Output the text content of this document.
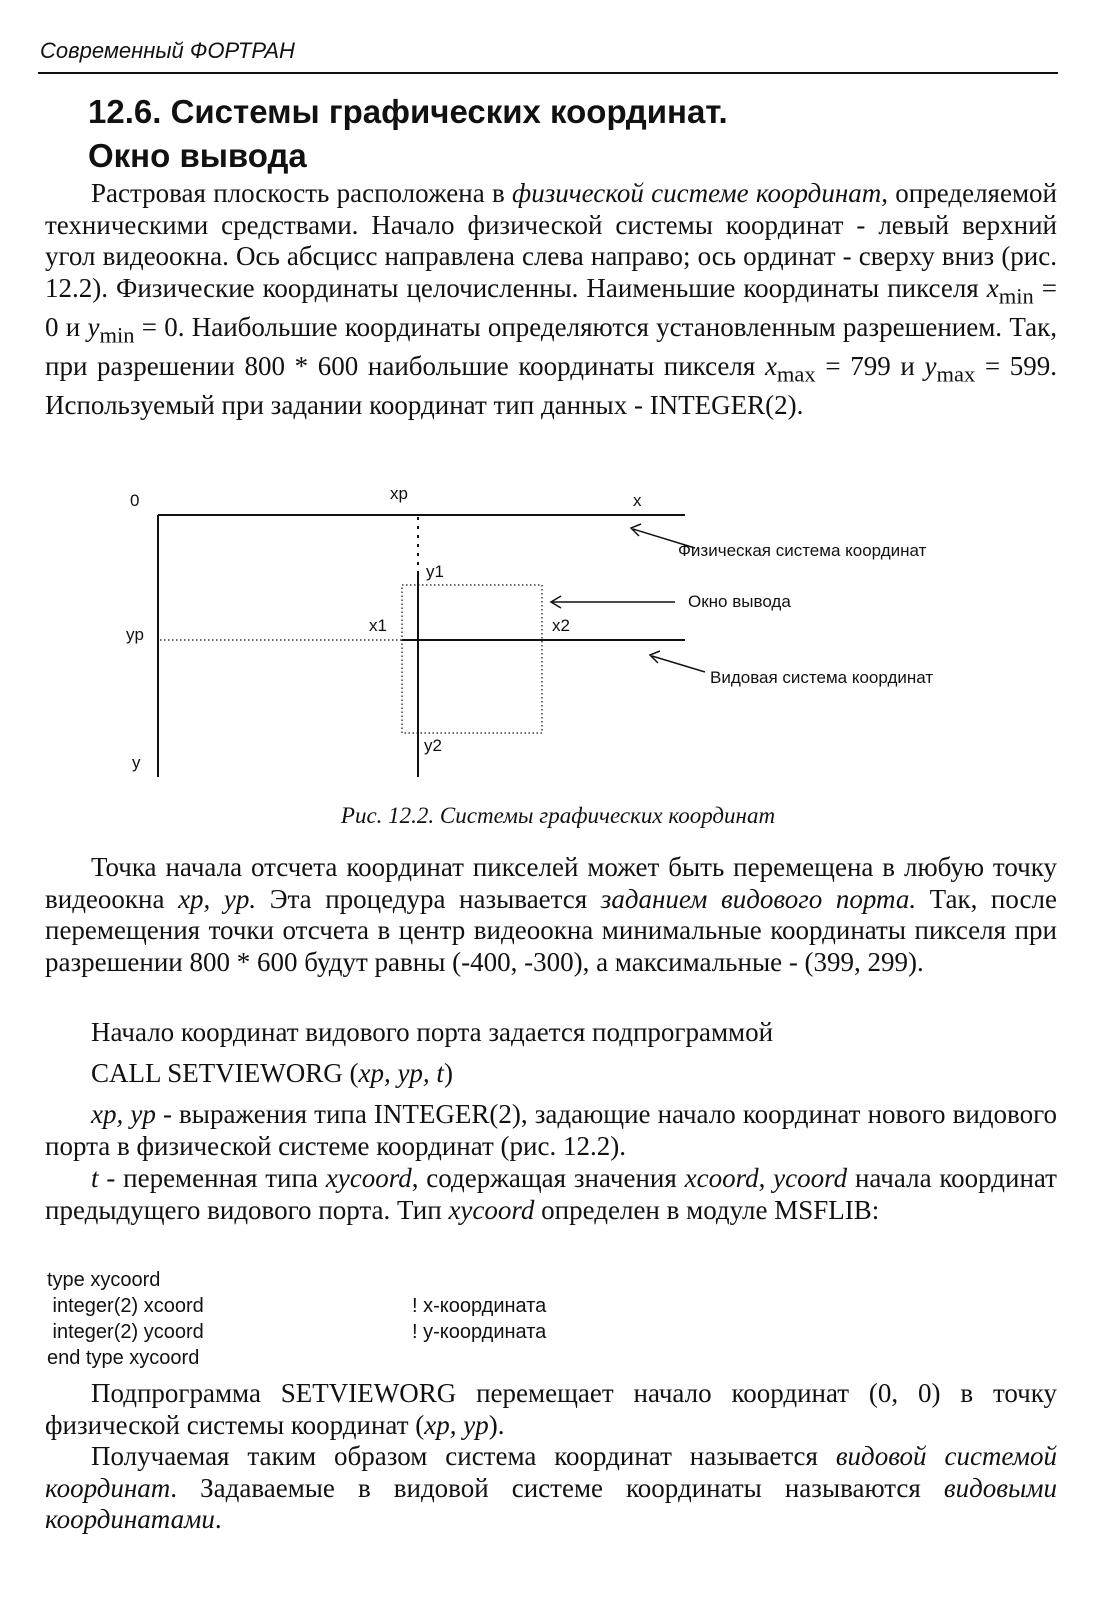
Современный ФОРТРАН
12.6. Системы графических координат.
Окно вывода

Растровая плоскость расположена в физической системе координат, определяемой техническими средствами. Начало физической системы координат - левый верхний угол видеоокна. Ось абсцисс направлена слева направо; ось ординат - сверху вниз (рис. 12.2). Физические координаты целочисленны. Наименьшие координаты пикселя $x_{min} = 0$ и $y_{min} = 0$. Наибольшие координаты определяются установленным разрешением. Так, при разрешении 800 * 600 наибольшие координаты пикселя $x_{max} = 799$ и $y_{max} = 599$. Используемый при задании координат тип данных - INTEGER(2).

0	xp	x
yp
y
y1
y2
x1	x2
Физическая система координат
Окно вывода
Видовая система координат
Рис. 12.2. Системы графических координат

Точка начала отсчета координат пикселей может быть перемещена в любую точку видеоокна xp, yp. Эта процедура называется заданием видового порта. Так, после перемещения точки отсчета в центр видеоокна минимальные координаты пикселя при разрешении 800 * 600 будут равны (-400, -300), а максимальные - (399, 299).

Начало координат видового порта задается подпрограммой

CALL SETVIEWORG (xp, yp, t)

xp, yp - выражения типа INTEGER(2), задающие начало координат нового видового порта в физической системе координат (рис. 12.2).

t - переменная типа xycoord, содержащая значения xcoord, ycoord начала координат предыдущего видового порта. Тип xycoord определен в модуле MSFLIB:

type xycoord
integer(2) xcoord	! x-координата
integer(2) ycoord	! y-координата
end type xycoord

Подпрограмма SETVIEWORG перемещает начало координат (0, 0) в точку физической системы координат (xp, yp).

Получаемая таким образом система координат называется видовой системой координат. Задаваемые в видовой системе координаты называются видовыми координатами.
